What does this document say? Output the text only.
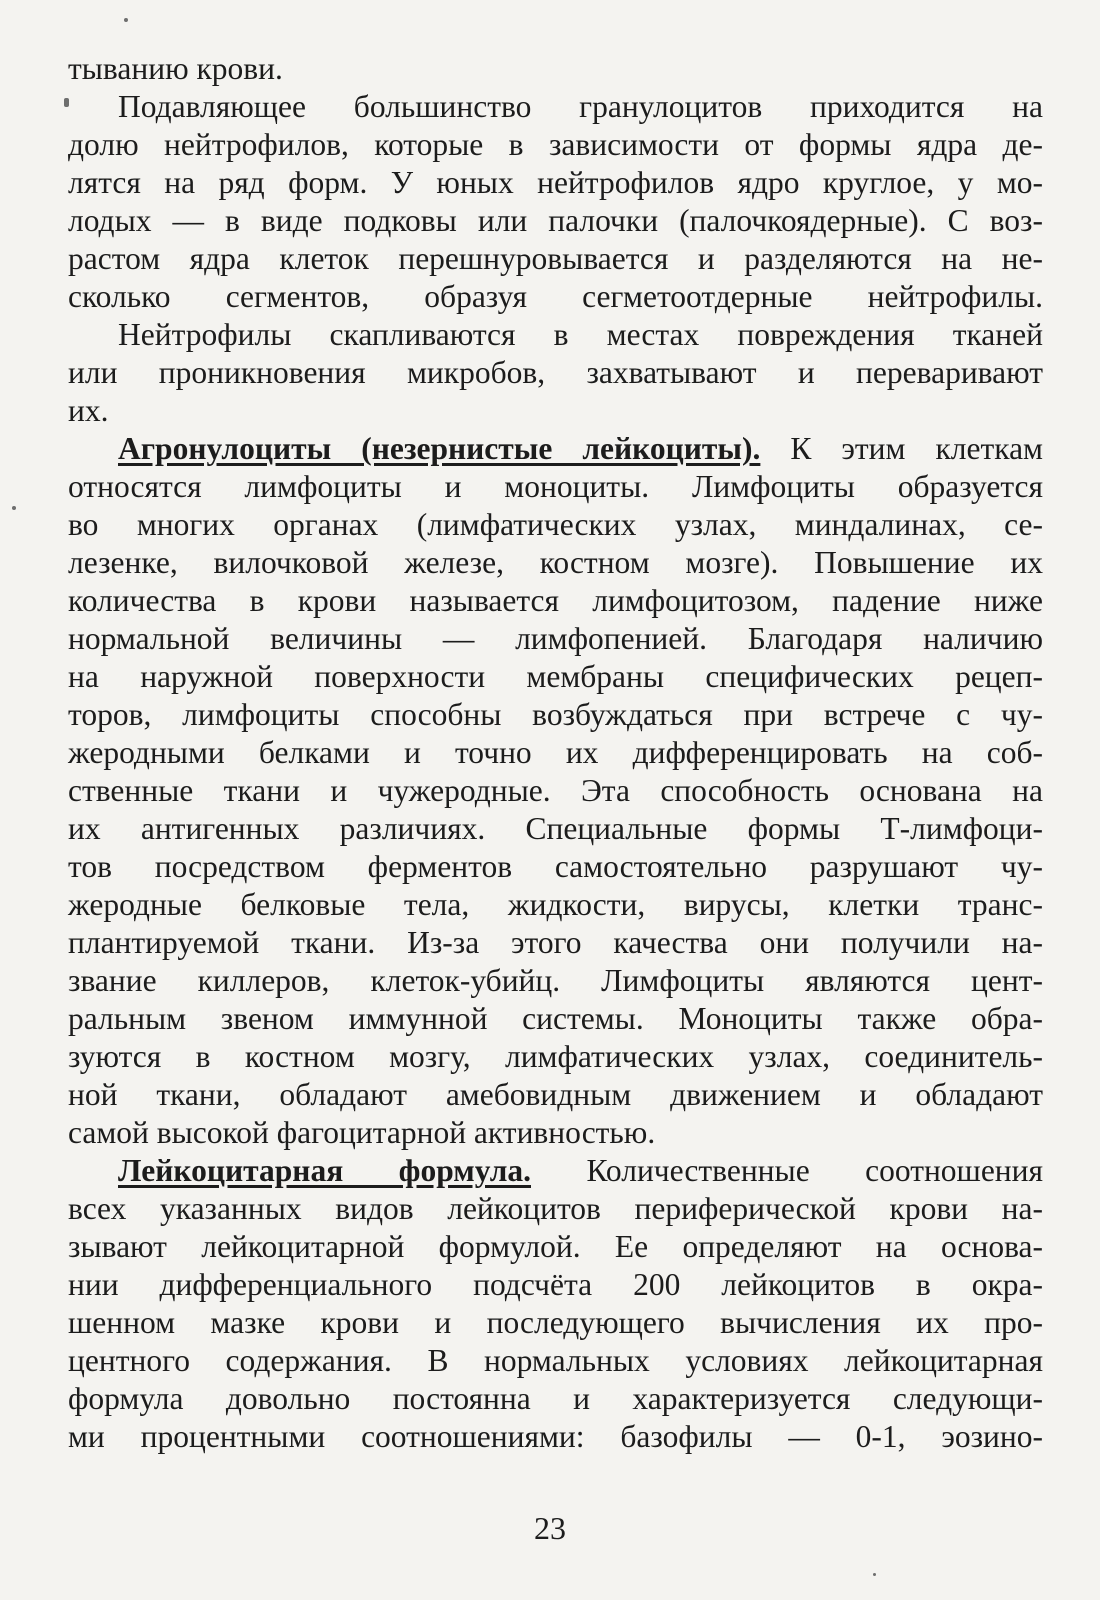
тыванию крови.
Подавляющее большинство гранулоцитов приходится на
долю нейтрофилов, которые в зависимости от формы ядра де-
лятся на ряд форм. У юных нейтрофилов ядро круглое, у мо-
лодых — в виде подковы или палочки (палочкоядерные). С воз-
растом ядра клеток перешнуровывается и разделяются на не-
сколько сегментов, образуя сегметоотдерные нейтрофилы.
Нейтрофилы скапливаются в местах повреждения тканей
или проникновения микробов, захватывают и переваривают
их.
Агронулоциты (незернистые лейкоциты). К этим клеткам
относятся лимфоциты и моноциты. Лимфоциты образуется
во многих органах (лимфатических узлах, миндалинах, се-
лезенке, вилочковой железе, костном мозге). Повышение их
количества в крови называется лимфоцитозом, падение ниже
нормальной величины — лимфопенией. Благодаря наличию
на наружной поверхности мембраны специфических рецеп-
торов, лимфоциты способны возбуждаться при встрече с чу-
жеродными белками и точно их дифференцировать на соб-
ственные ткани и чужеродные. Эта способность основана на
их антигенных различиях. Специальные формы Т-лимфоци-
тов посредством ферментов самостоятельно разрушают чу-
жеродные белковые тела, жидкости, вирусы, клетки транс-
плантируемой ткани. Из-за этого качества они получили на-
звание киллеров, клеток-убийц. Лимфоциты являются цент-
ральным звеном иммунной системы. Моноциты также обра-
зуются в костном мозгу, лимфатических узлах, соединитель-
ной ткани, обладают амебовидным движением и обладают
самой высокой фагоцитарной активностью.
Лейкоцитарная формула. Количественные соотношения
всех указанных видов лейкоцитов периферической крови на-
зывают лейкоцитарной формулой. Ее определяют на основа-
нии дифференциального подсчёта 200 лейкоцитов в окра-
шенном мазке крови и последующего вычисления их про-
центного содержания. В нормальных условиях лейкоцитарная
формула довольно постоянна и характеризуется следующи-
ми процентными соотношениями: базофилы — 0-1, эозино-
23
